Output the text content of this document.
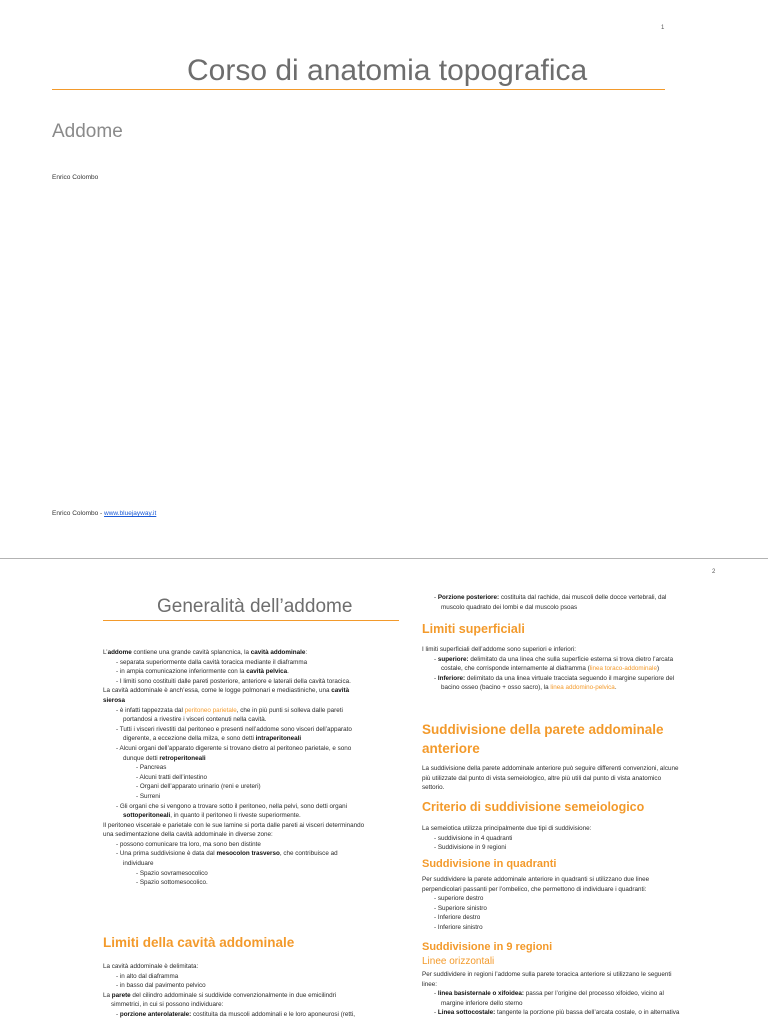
1
Corso di anatomia topografica
Addome
Enrico Colombo
Enrico Colombo - www.bluejayway.it
2
Generalità dell’addome

L’addome contiene una grande cavità splancnica, la cavità addominale:

- separata superiormente dalla cavità toracica mediante il diaframma

- in ampia comunicazione inferiormente con la cavità pelvica.

- I limiti sono costituiti dalle pareti posteriore, anteriore e laterali della cavità toracica.

La cavità addominale è anch’essa, come le logge polmonari e mediastiniche, una cavità

sierosa

- è infatti tappezzata dal peritoneo parietale, che in più punti si solleva dalle pareti

portandosi a rivestire i visceri contenuti nella cavità.

- Tutti i visceri rivestiti dal peritoneo e presenti nell’addome sono visceri dell’apparato

digerente, a eccezione della milza, e sono detti intraperitoneali

- Alcuni organi dell’apparato digerente si trovano dietro al peritoneo parietale, e sono

dunque detti retroperitoneali

- Pancreas

- Alcuni tratti dell’intestino

- Organi dell’apparato urinario (reni e ureteri)

- Surreni

- Gli organi che si vengono a trovare sotto il peritoneo, nella pelvi, sono detti organi

sottoperitoneali, in quanto il peritoneo li riveste superiormente.

Il peritoneo viscerale e parietale con le sue lamine si porta dalle pareti ai visceri determinando

una sedimentazione della cavità addominale in diverse zone:

- possono comunicare tra loro, ma sono ben distinte

- Una prima suddivisione è data dal mesocolon trasverso, che contribuisce ad

individuare

- Spazio sovramesocolico

- Spazio sottomesocolico.

Limiti della cavità addominale

La cavità addominale è delimitata:

- in alto dal diaframma

- in basso dal pavimento pelvico

La parete del cilindro addominale si suddivide convenzionalmente in due emicilindri

simmetrici, in cui si possono individuare:

- porzione anterolaterale: costituita da muscoli addominali e le loro aponeurosi (retti,

- Porzione posteriore: costituita dal rachide, dai muscoli delle docce vertebrali, dal

muscolo quadrato dei lombi e dal muscolo psoas

Limiti superficiali

I limiti superficiali dell’addome sono superiori e inferiori:

- superiore: delimitato da una linea che sulla superficie esterna si trova dietro l’arcata

costale, che corrisponde internamente al diaframma (linea toraco-addominale)

- Inferiore: delimitato da una linea virtuale tracciata seguendo il margine superiore del

bacino osseo (bacino + osso sacro), la linea addomino-pelvica.

Suddivisione della parete addominale
anteriore

La suddivisione della parete addominale anteriore può seguire differenti convenzioni, alcune

più utilizzate dal punto di vista semeiologico, altre più utili dal punto di vista anatomico

settorio.

Criterio di suddivisione semeiologico

La semeiotica utilizza principalmente due tipi di suddivisione:

- suddivisione in 4 quadranti

- Suddivisione in 9 regioni

Suddivisione in quadranti

Per suddividere la parete addominale anteriore in quadranti si utilizzano due linee

perpendicolari passanti per l’ombelico, che permettono di individuare i quadranti:

- superiore destro

- Superiore sinistro

- Inferiore destro

- Inferiore sinistro

Suddivisione in 9 regioni
Linee orizzontali

Per suddividere in regioni l’addome sulla parete toracica anteriore si utilizzano le seguenti

linee:

- linea basisternale o xifoidea: passa per l’origine del processo xifoideo, vicino al

margine inferiore dello sterno

- Linea sottocostale: tangente la porzione più bassa dell’arcata costale, o in alternativa
